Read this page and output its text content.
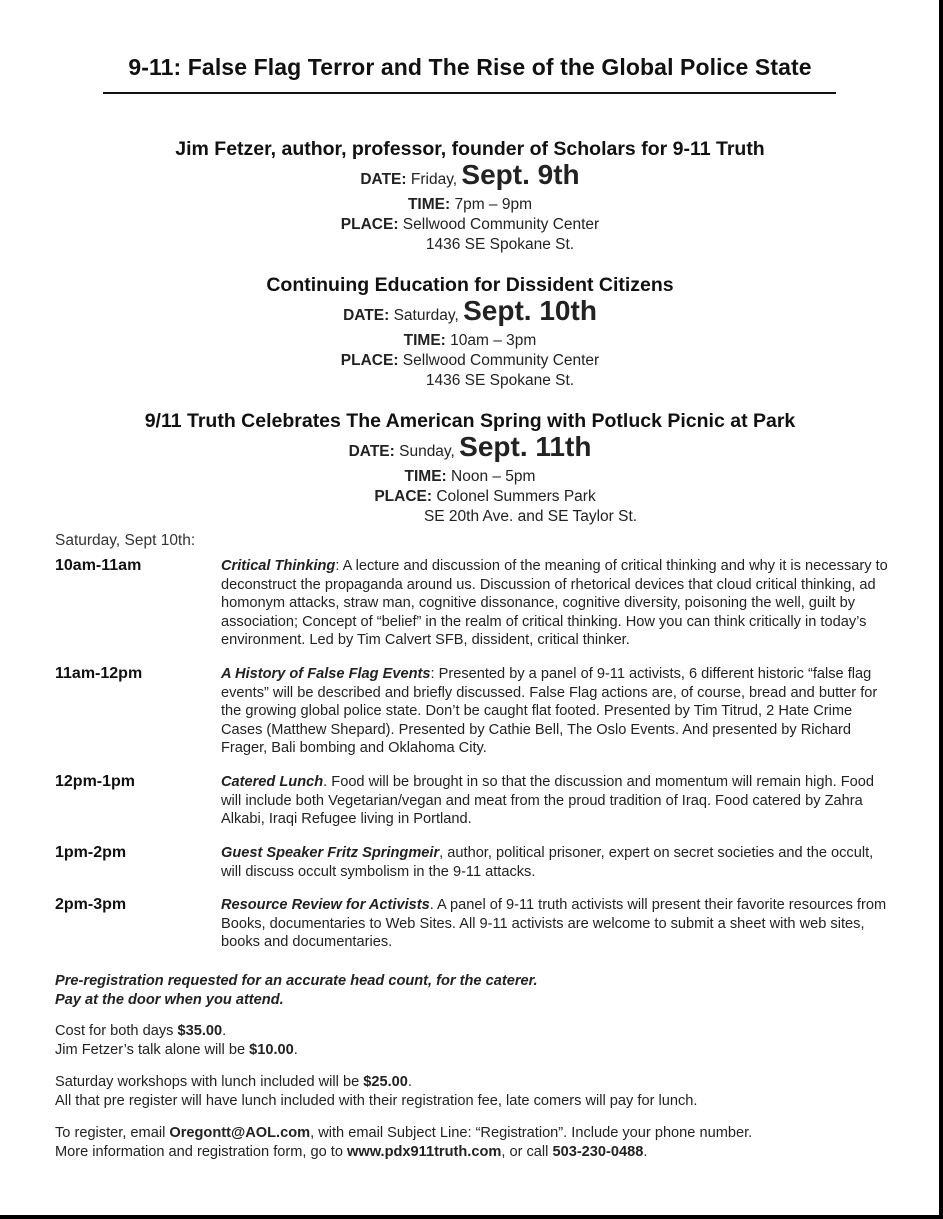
9-11: False Flag Terror and The Rise of the Global Police State
Jim Fetzer, author, professor, founder of Scholars for 9-11 Truth
DATE: Friday, Sept. 9th
TIME: 7pm – 9pm
PLACE: Sellwood Community Center
1436 SE Spokane St.
Continuing Education for Dissident Citizens
DATE: Saturday, Sept. 10th
TIME: 10am – 3pm
PLACE: Sellwood Community Center
1436 SE Spokane St.
9/11 Truth Celebrates The American Spring with Potluck Picnic at Park
DATE: Sunday, Sept. 11th
TIME: Noon – 5pm
PLACE: Colonel Summers Park
SE 20th Ave. and SE Taylor St.
Saturday, Sept 10th:
10am-11am	Critical Thinking: A lecture and discussion of the meaning of critical thinking and why it is necessary to deconstruct the propaganda around us. Discussion of rhetorical devices that cloud critical thinking, ad homonym attacks, straw man, cognitive dissonance, cognitive diversity, poisoning the well, guilt by association; Concept of “belief” in the realm of critical thinking. How you can think critically in today’s environment. Led by Tim Calvert SFB, dissident, critical thinker.
11am-12pm	A History of False Flag Events: Presented by a panel of 9-11 activists, 6 different historic “false flag events” will be described and briefly discussed. False Flag actions are, of course, bread and butter for the growing global police state. Don’t be caught flat footed. Presented by Tim Titrud, 2 Hate Crime Cases (Matthew Shepard). Presented by Cathie Bell, The Oslo Events. And presented by Richard Frager, Bali bombing and Oklahoma City.
12pm-1pm	Catered Lunch. Food will be brought in so that the discussion and momentum will remain high. Food will include both Vegetarian/vegan and meat from the proud tradition of Iraq. Food catered by Zahra Alkabi, Iraqi Refugee living in Portland.
1pm-2pm	Guest Speaker Fritz Springmeir, author, political prisoner, expert on secret societies and the occult, will discuss occult symbolism in the 9-11 attacks.
2pm-3pm	Resource Review for Activists. A panel of 9-11 truth activists will present their favorite resources from Books, documentaries to Web Sites. All 9-11 activists are welcome to submit a sheet with web sites, books and documentaries.
Pre-registration requested for an accurate head count, for the caterer.
Pay at the door when you attend.
Cost for both days $35.00.
Jim Fetzer’s talk alone will be $10.00.
Saturday workshops with lunch included will be $25.00.
All that pre register will have lunch included with their registration fee, late comers will pay for lunch.
To register, email Oregontt@AOL.com, with email Subject Line: “Registration”. Include your phone number.
More information and registration form, go to www.pdx911truth.com, or call 503-230-0488.
